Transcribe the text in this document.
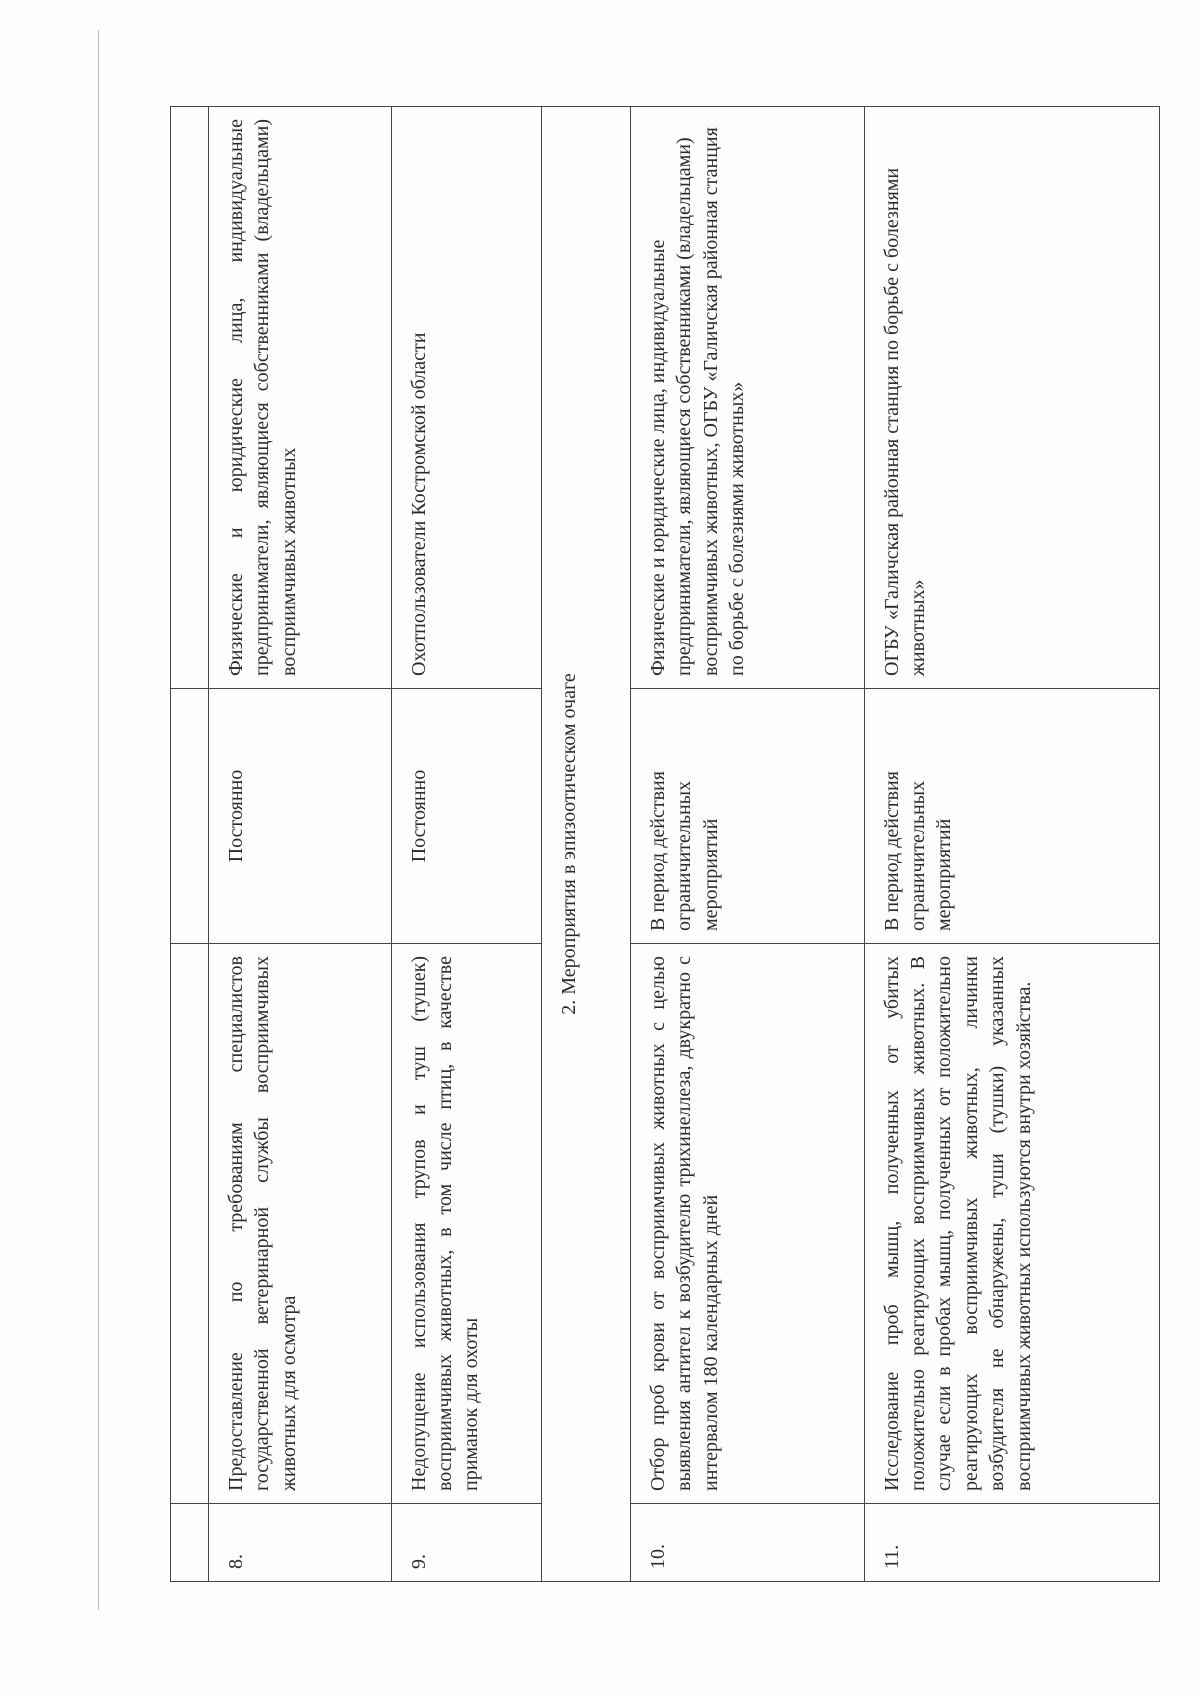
8.	Предоставление по требованиям специалистов государственной ветеринарной службы восприимчивых животных для осмотра	Постоянно	Физические и юридические лица, индивидуальные предприниматели, являющиеся собственниками (владельцами) восприимчивых животных
9.	Недопущение использования трупов и туш (тушек) восприимчивых животных, в том числе птиц, в качестве приманок для охоты	Постоянно	Охотпользователи Костромской области
2. Мероприятия в эпизоотическом очаге			
10.	Отбор проб крови от восприимчивых животных с целью выявления антител к возбудителю трихинеллеза, двукратно с интервалом 180 календарных дней	В период действия ограничительных мероприятий	Физические и юридические лица, индивидуальные предприниматели, являющиеся собственниками (владельцами) восприимчивых животных, ОГБУ «Галичская районная станция по борьбе с болезнями животных»
11.	Исследование проб мышц, полученных от убитых положительно реагирующих восприимчивых животных. В случае если в пробах мышц, полученных от положительно реагирующих восприимчивых животных, личинки возбудителя не обнаружены, туши (тушки) указанных восприимчивых животных используются внутри хозяйства.	В период действия ограничительных мероприятий	ОГБУ «Галичская районная станция по борьбе с болезнями животных»
